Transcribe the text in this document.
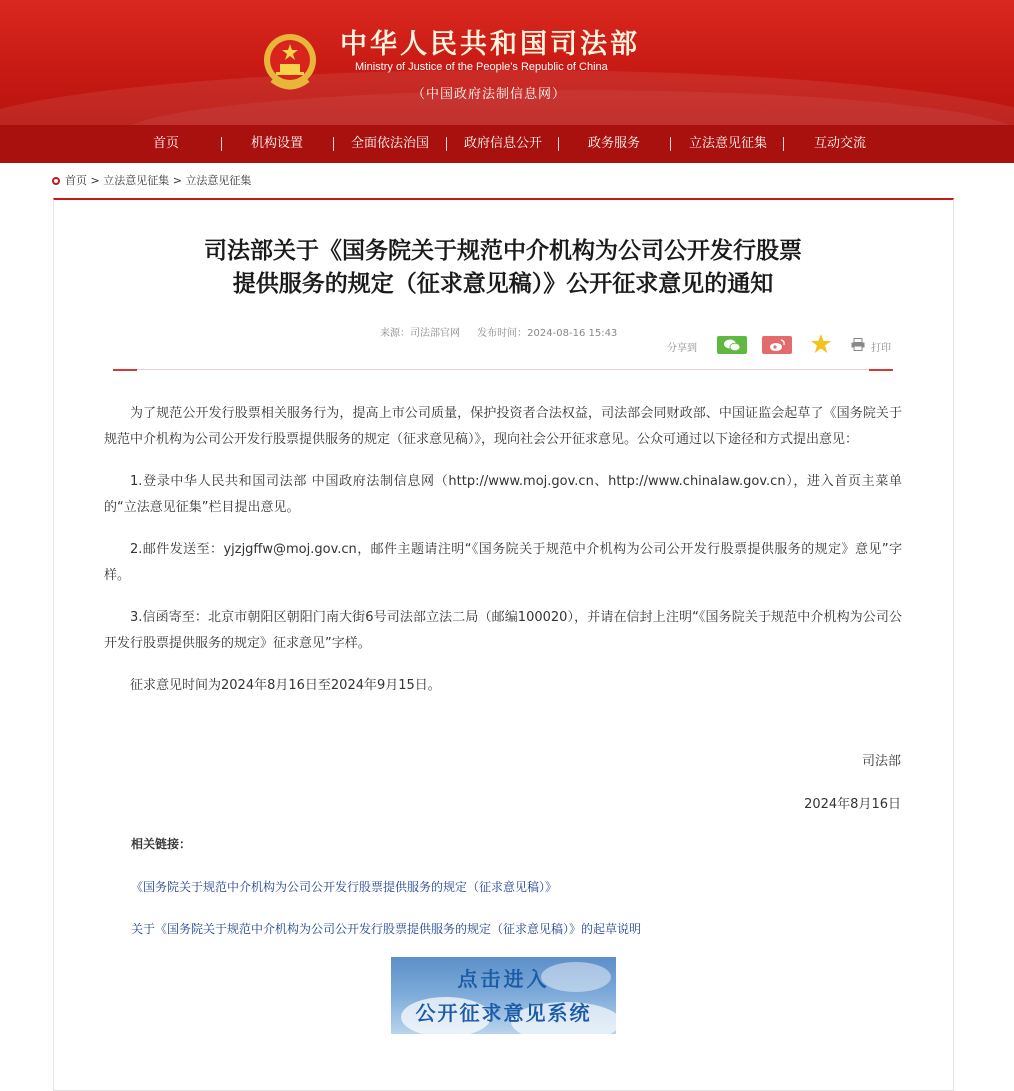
中华人民共和国司法部
Ministry of Justice of the People's Republic of China
（中国政府法制信息网）
首页	机构设置	全面依法治国	政府信息公开	政务服务	立法意见征集	互动交流
首页 > 立法意见征集 > 立法意见征集
司法部关于《国务院关于规范中介机构为公司公开发行股票
提供服务的规定（征求意见稿）》公开征求意见的通知
来源：司法部官网 发布时间：2024-08-16 15:43
分享到	打印

为了规范公开发行股票相关服务行为，提高上市公司质量，保护投资者合法权益，司法部会同财政部、中国证监会起草了《国务院关于规范中介机构为公司公开发行股票提供服务的规定（征求意见稿）》，现向社会公开征求意见。公众可通过以下途径和方式提出意见：

1.登录中华人民共和国司法部 中国政府法制信息网（http://www.moj.gov.cn、http://www.chinalaw.gov.cn），进入首页主菜单的“立法意见征集”栏目提出意见。

2.邮件发送至：yjzjgffw@moj.gov.cn，邮件主题请注明“《国务院关于规范中介机构为公司公开发行股票提供服务的规定》意见”字样。

3.信函寄至：北京市朝阳区朝阳门南大街6号司法部立法二局（邮编100020），并请在信封上注明“《国务院关于规范中介机构为公司公开发行股票提供服务的规定》征求意见”字样。

征求意见时间为2024年8月16日至2024年9月15日。

司法部
2024年8月16日
相关链接：
《国务院关于规范中介机构为公司公开发行股票提供服务的规定（征求意见稿）》
关于《国务院关于规范中介机构为公司公开发行股票提供服务的规定（征求意见稿）》的起草说明
点击进入
公开征求意见系统
